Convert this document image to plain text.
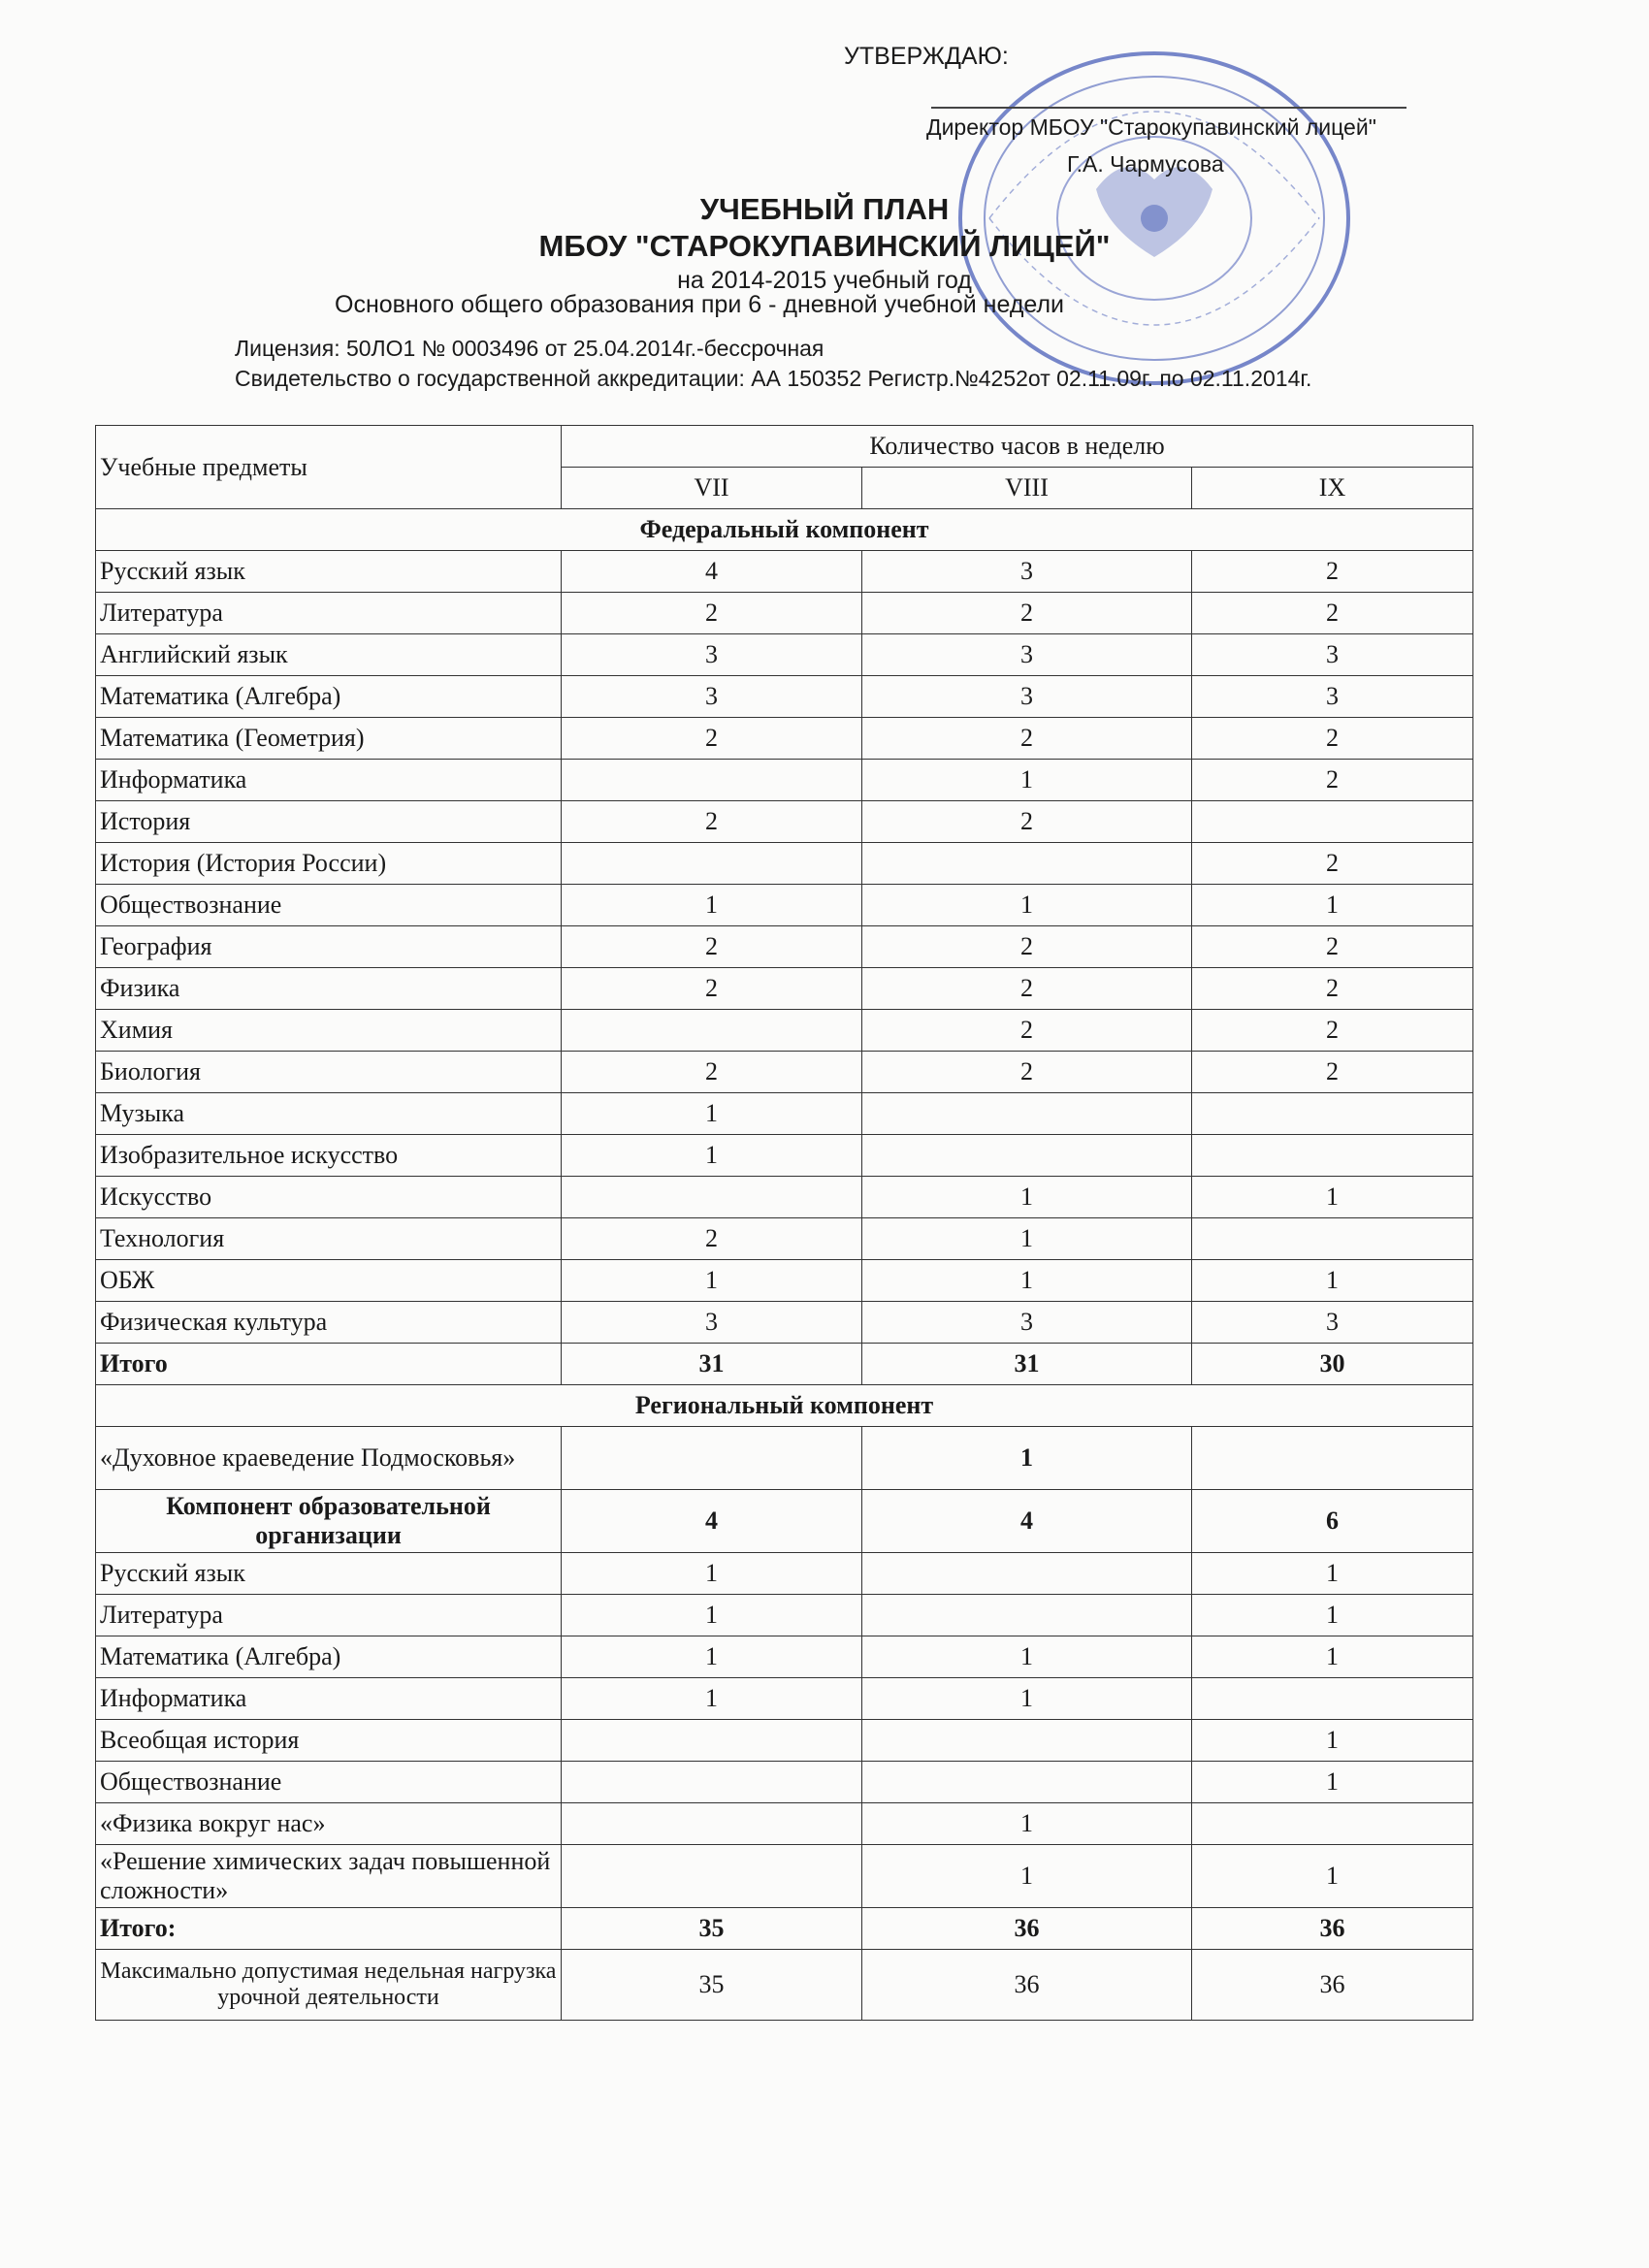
УТВЕРЖДАЮ:
Директор МБОУ "Старокупавинский лицей"
Г.А. Чармусова
УЧЕБНЫЙ ПЛАН
МБОУ "СТАРОКУПАВИНСКИЙ ЛИЦЕЙ"
на 2014-2015 учебный год
Основного общего образования при 6 - дневной учебной недели
Лицензия: 50ЛО1 № 0003496 от 25.04.2014г.-бессрочная
Свидетельство о государственной аккредитации: АА 150352 Регистр.№4252от 02.11.09г. по 02.11.2014г.
Учебные предметы	Количество часов в неделю		
	VII	VIII	IX
Федеральный компонент			
Русский язык	4	3	2
Литература	2	2	2
Английский язык	3	3	3
Математика (Алгебра)	3	3	3
Математика (Геометрия)	2	2	2
Информатика		1	2
История	2	2	
История (История России)			2
Обществознание	1	1	1
География	2	2	2
Физика	2	2	2
Химия		2	2
Биология	2	2	2
Музыка	1		
Изобразительное искусство	1		
Искусство		1	1
Технология	2	1	
ОБЖ	1	1	1
Физическая культура	3	3	3
Итого	31	31	30
Региональный компонент			
«Духовное краеведение Подмосковья»		1	
Компонент образовательной организации	4	4	6
Русский язык	1		1
Литература	1		1
Математика (Алгебра)	1	1	1
Информатика	1	1	
Всеобщая история			1
Обществознание			1
«Физика вокруг нас»		1	
«Решение химических задач повышенной сложности»		1	1
Итого:	35	36	36
Максимально допустимая недельная нагрузка урочной деятельности	35	36	36
